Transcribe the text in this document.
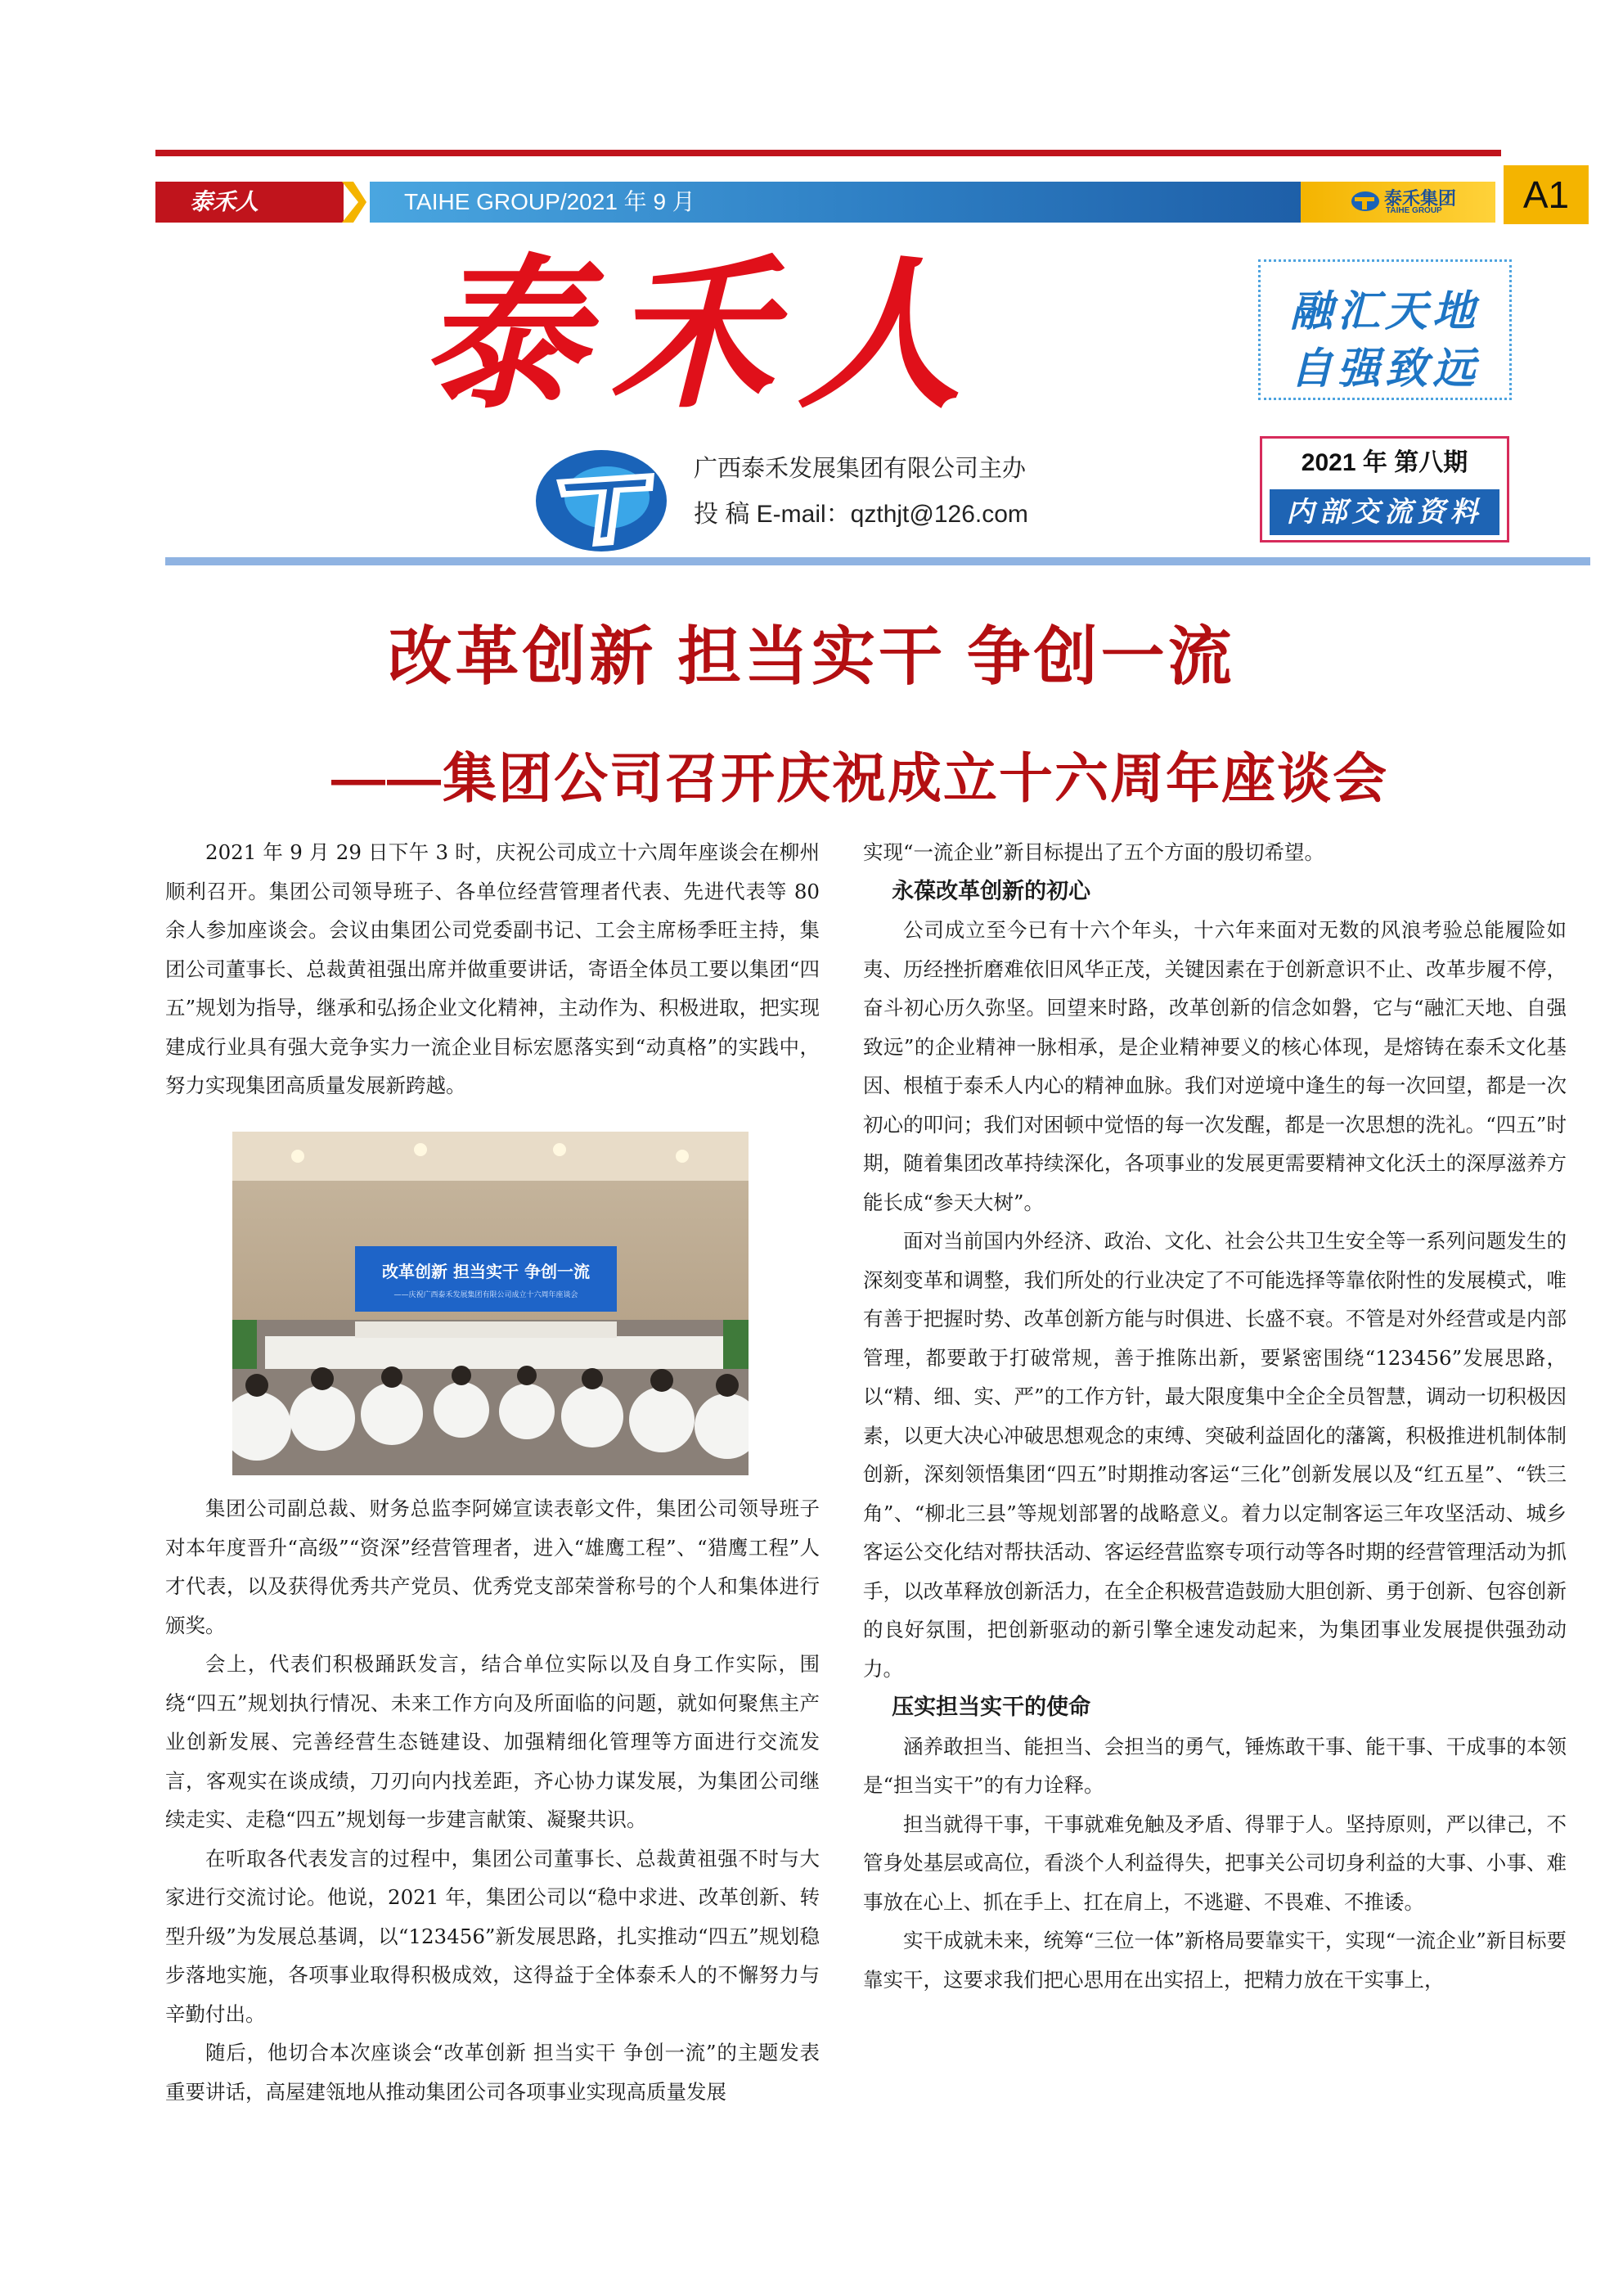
泰禾人	TAIHE GROUP/2021 年 9 月	泰禾集团
TAIHE GROUP	A1
泰禾人
广西泰禾发展集团有限公司主办
投 稿 E-mail：qzthjt@126.com
融汇天地
自强致远
2021 年 第八期
内部交流资料
改革创新 担当实干 争创一流
——集团公司召开庆祝成立十六周年座谈会

2021 年 9 月 29 日下午 3 时，庆祝公司成立十六周年座谈会在柳州顺利召开。集团公司领导班子、各单位经营管理者代表、先进代表等 80 余人参加座谈会。会议由集团公司党委副书记、工会主席杨季旺主持，集团公司董事长、总裁黄祖强出席并做重要讲话，寄语全体员工要以集团“四五”规划为指导，继承和弘扬企业文化精神，主动作为、积极进取，把实现建成行业具有强大竞争实力一流企业目标宏愿落实到“动真格”的实践中，努力实现集团高质量发展新跨越。

改革创新 担当实干 争创一流
——庆祝广西泰禾发展集团有限公司成立十六周年座谈会

集团公司副总裁、财务总监李阿娣宣读表彰文件，集团公司领导班子对本年度晋升“高级”“资深”经营管理者，进入“雄鹰工程”、“猎鹰工程”人才代表，以及获得优秀共产党员、优秀党支部荣誉称号的个人和集体进行颁奖。

会上，代表们积极踊跃发言，结合单位实际以及自身工作实际，围绕“四五”规划执行情况、未来工作方向及所面临的问题，就如何聚焦主产业创新发展、完善经营生态链建设、加强精细化管理等方面进行交流发言，客观实在谈成绩，刀刃向内找差距，齐心协力谋发展，为集团公司继续走实、走稳“四五”规划每一步建言献策、凝聚共识。

在听取各代表发言的过程中，集团公司董事长、总裁黄祖强不时与大家进行交流讨论。他说，2021 年，集团公司以“稳中求进、改革创新、转型升级”为发展总基调，以“123456”新发展思路，扎实推动“四五”规划稳步落地实施，各项事业取得积极成效，这得益于全体泰禾人的不懈努力与辛勤付出。

随后，他切合本次座谈会“改革创新 担当实干 争创一流”的主题发表重要讲话，高屋建瓴地从推动集团公司各项事业实现高质量发展

实现“一流企业”新目标提出了五个方面的殷切希望。

永葆改革创新的初心

公司成立至今已有十六个年头，十六年来面对无数的风浪考验总能履险如夷、历经挫折磨难依旧风华正茂，关键因素在于创新意识不止、改革步履不停，奋斗初心历久弥坚。回望来时路，改革创新的信念如磐，它与“融汇天地、自强致远”的企业精神一脉相承，是企业精神要义的核心体现，是熔铸在泰禾文化基因、根植于泰禾人内心的精神血脉。我们对逆境中逢生的每一次回望，都是一次初心的叩问；我们对困顿中觉悟的每一次发醒，都是一次思想的洗礼。“四五”时期，随着集团改革持续深化，各项事业的发展更需要精神文化沃土的深厚滋养方能长成“参天大树”。

面对当前国内外经济、政治、文化、社会公共卫生安全等一系列问题发生的深刻变革和调整，我们所处的行业决定了不可能选择等靠依附性的发展模式，唯有善于把握时势、改革创新方能与时俱进、长盛不衰。不管是对外经营或是内部管理，都要敢于打破常规，善于推陈出新，要紧密围绕“123456”发展思路，以“精、细、实、严”的工作方针，最大限度集中全企全员智慧，调动一切积极因素，以更大决心冲破思想观念的束缚、突破利益固化的藩篱，积极推进机制体制创新，深刻领悟集团“四五”时期推动客运“三化”创新发展以及“红五星”、“铁三角”、“柳北三县”等规划部署的战略意义。着力以定制客运三年攻坚活动、城乡客运公交化结对帮扶活动、客运经营监察专项行动等各时期的经营管理活动为抓手，以改革释放创新活力，在全企积极营造鼓励大胆创新、勇于创新、包容创新的良好氛围，把创新驱动的新引擎全速发动起来，为集团事业发展提供强劲动力。

压实担当实干的使命

涵养敢担当、能担当、会担当的勇气，锤炼敢干事、能干事、干成事的本领是“担当实干”的有力诠释。

担当就得干事，干事就难免触及矛盾、得罪于人。坚持原则，严以律己，不管身处基层或高位，看淡个人利益得失，把事关公司切身利益的大事、小事、难事放在心上、抓在手上、扛在肩上，不逃避、不畏难、不推诿。

实干成就未来，统筹“三位一体”新格局要靠实干，实现“一流企业”新目标要靠实干，这要求我们把心思用在出实招上，把精力放在干实事上，
